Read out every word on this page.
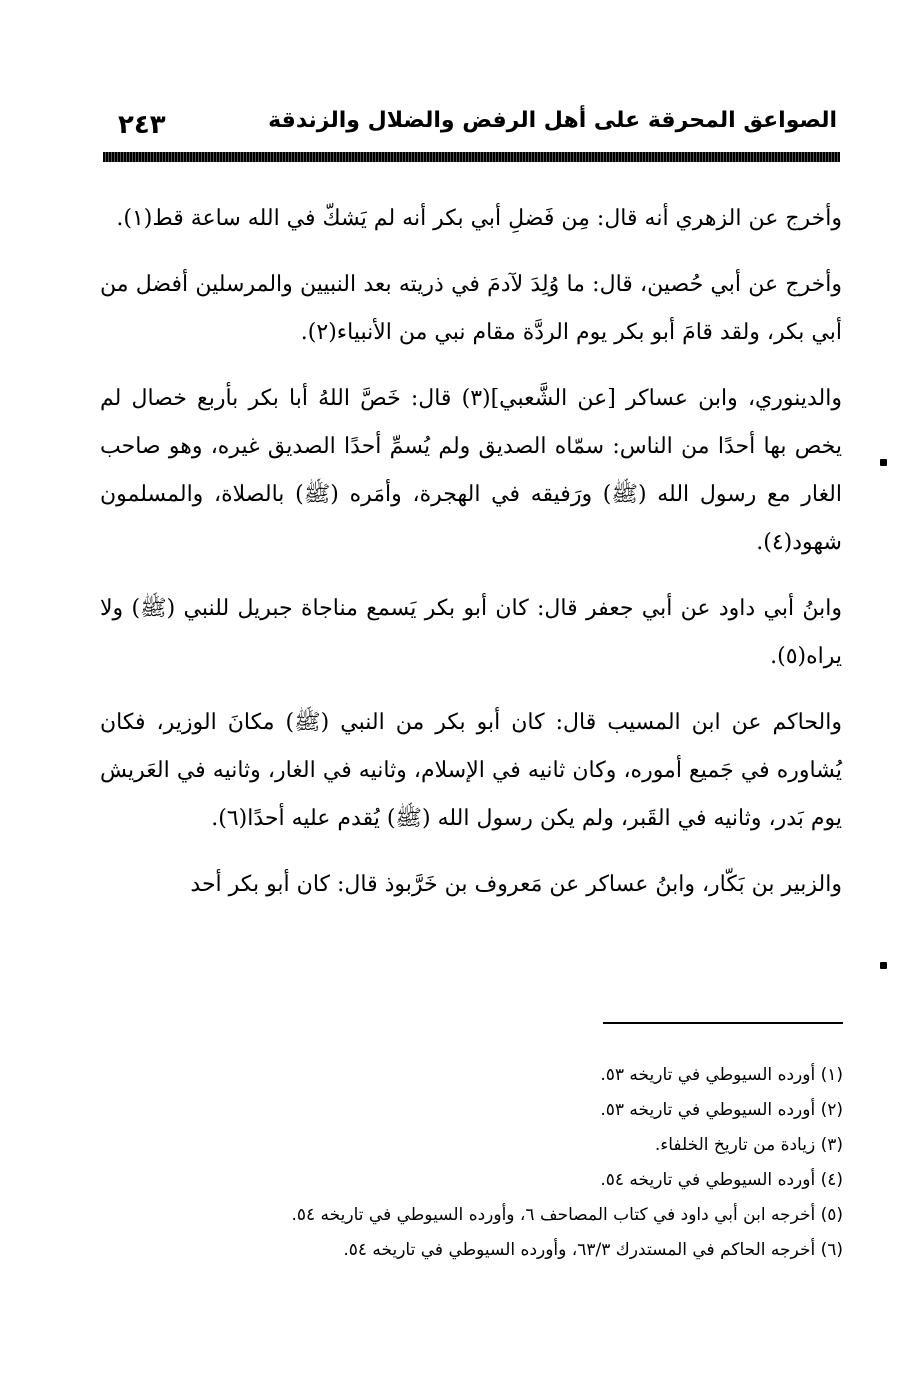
الصواعق المحرقة على أهل الرفض والضلال والزندقة
٢٤٣

وأخرج عن الزهري أنه قال: مِن فَضلِ أبي بكر أنه لم يَشكّ في الله ساعة قط(١).

وأخرج عن أبي حُصين، قال: ما وُلِدَ لآدمَ في ذريته بعد النبيين والمرسلين أفضل من أبي بكر، ولقد قامَ أبو بكر يوم الردَّة مقام نبي من الأنبياء(٢).

والدينوري، وابن عساكر [عن الشَّعبي](٣) قال: خَصَّ اللهُ أبا بكر بأربع خصال لم يخص بها أحدًا من الناس: سمّاه الصديق ولم يُسمِّ أحدًا الصديق غيره، وهو صاحب الغار مع رسول الله (ﷺ) ورَفيقه في الهجرة، وأمَره (ﷺ) بالصلاة، والمسلمون شهود(٤).

وابنُ أبي داود عن أبي جعفر قال: كان أبو بكر يَسمع مناجاة جبريل للنبي (ﷺ) ولا يراه(٥).

والحاكم عن ابن المسيب قال: كان أبو بكر من النبي (ﷺ) مكانَ الوزير، فكان يُشاوره في جَميع أموره، وكان ثانيه في الإسلام، وثانيه في الغار، وثانيه في العَريش يوم بَدر، وثانيه في القَبر، ولم يكن رسول الله (ﷺ) يُقدم عليه أحدًا(٦).

والزبير بن بَكّار، وابنُ عساكر عن مَعروف بن خَرَّبوذ قال: كان أبو بكر أحد

(١) أورده السيوطي في تاريخه ٥٣.
(٢) أورده السيوطي في تاريخه ٥٣.
(٣) زيادة من تاريخ الخلفاء.
(٤) أورده السيوطي في تاريخه ٥٤.
(٥) أخرجه ابن أبي داود في كتاب المصاحف ٦، وأورده السيوطي في تاريخه ٥٤.
(٦) أخرجه الحاكم في المستدرك ٦٣/٣، وأورده السيوطي في تاريخه ٥٤.
